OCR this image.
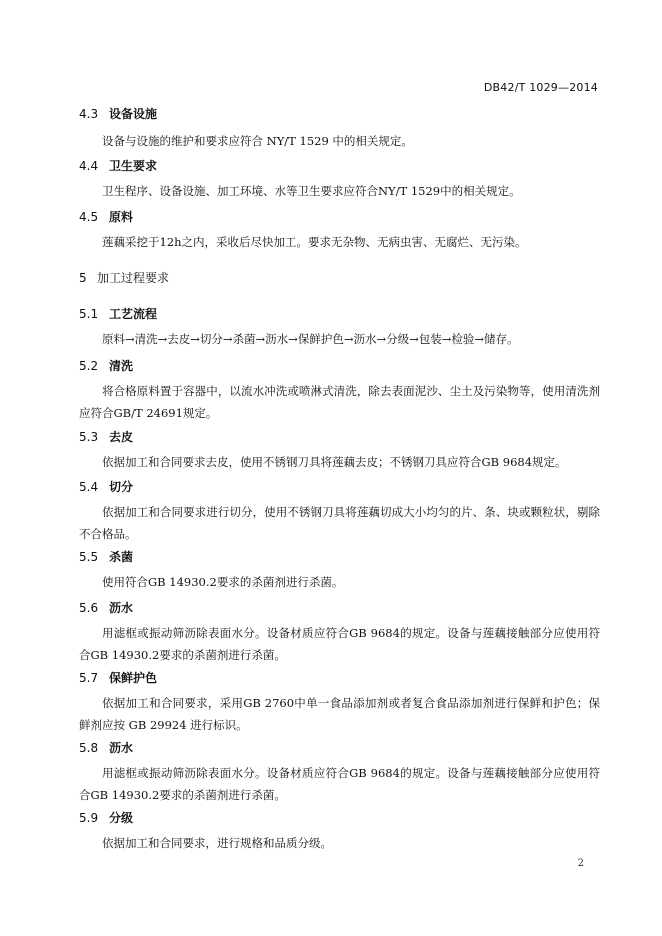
DB42/T 1029—2014
4.3 设备设施

设备与设施的维护和要求应符合 NY/T 1529 中的相关规定。

4.4 卫生要求

卫生程序、设备设施、加工环境、水等卫生要求应符合NY/T 1529中的相关规定。

4.5 原料

莲藕采挖于12h之内，采收后尽快加工。要求无杂物、无病虫害、无腐烂、无污染。

5 加工过程要求
5.1 工艺流程

原料→清洗→去皮→切分→杀菌→沥水→保鲜护色→沥水→分级→包装→检验→储存。

5.2 清洗

将合格原料置于容器中，以流水冲洗或喷淋式清洗，除去表面泥沙、尘土及污染物等，使用清洗剂应符合GB/T 24691规定。

5.3 去皮

依据加工和合同要求去皮，使用不锈钢刀具将莲藕去皮；不锈钢刀具应符合GB 9684规定。

5.4 切分

依据加工和合同要求进行切分，使用不锈钢刀具将莲藕切成大小均匀的片、条、块或颗粒状，剔除不合格品。

5.5 杀菌

使用符合GB 14930.2要求的杀菌剂进行杀菌。

5.6 沥水

用滤框或振动筛沥除表面水分。设备材质应符合GB 9684的规定。设备与莲藕接触部分应使用符合GB 14930.2要求的杀菌剂进行杀菌。

5.7 保鲜护色

依据加工和合同要求，采用GB 2760中单一食品添加剂或者复合食品添加剂进行保鲜和护色；保鲜剂应按 GB 29924 进行标识。

5.8 沥水

用滤框或振动筛沥除表面水分。设备材质应符合GB 9684的规定。设备与莲藕接触部分应使用符合GB 14930.2要求的杀菌剂进行杀菌。

5.9 分级

依据加工和合同要求，进行规格和品质分级。

2
